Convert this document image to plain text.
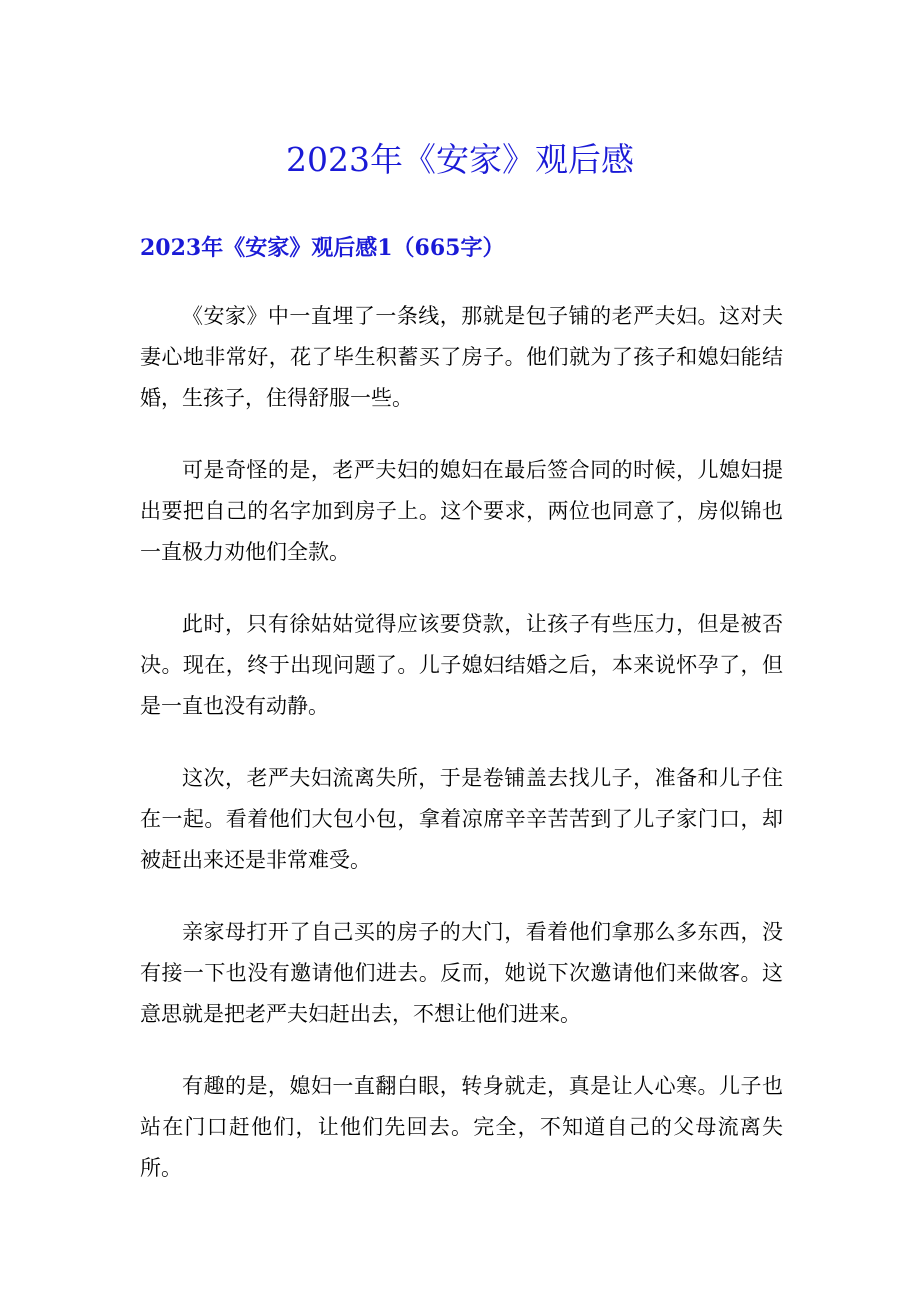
2023年《安家》观后感
2023年《安家》观后感1（665字）

《安家》中一直埋了一条线，那就是包子铺的老严夫妇。这对夫妻心地非常好，花了毕生积蓄买了房子。他们就为了孩子和媳妇能结婚，生孩子，住得舒服一些。

可是奇怪的是，老严夫妇的媳妇在最后签合同的时候，儿媳妇提出要把自己的名字加到房子上。这个要求，两位也同意了，房似锦也一直极力劝他们全款。

此时，只有徐姑姑觉得应该要贷款，让孩子有些压力，但是被否决。现在，终于出现问题了。儿子媳妇结婚之后，本来说怀孕了，但是一直也没有动静。

这次，老严夫妇流离失所，于是卷铺盖去找儿子，准备和儿子住在一起。看着他们大包小包，拿着凉席辛辛苦苦到了儿子家门口，却被赶出来还是非常难受。

亲家母打开了自己买的房子的大门，看着他们拿那么多东西，没有接一下也没有邀请他们进去。反而，她说下次邀请他们来做客。这意思就是把老严夫妇赶出去，不想让他们进来。

有趣的是，媳妇一直翻白眼，转身就走，真是让人心寒。儿子也站在门口赶他们，让他们先回去。完全，不知道自己的父母流离失所。
